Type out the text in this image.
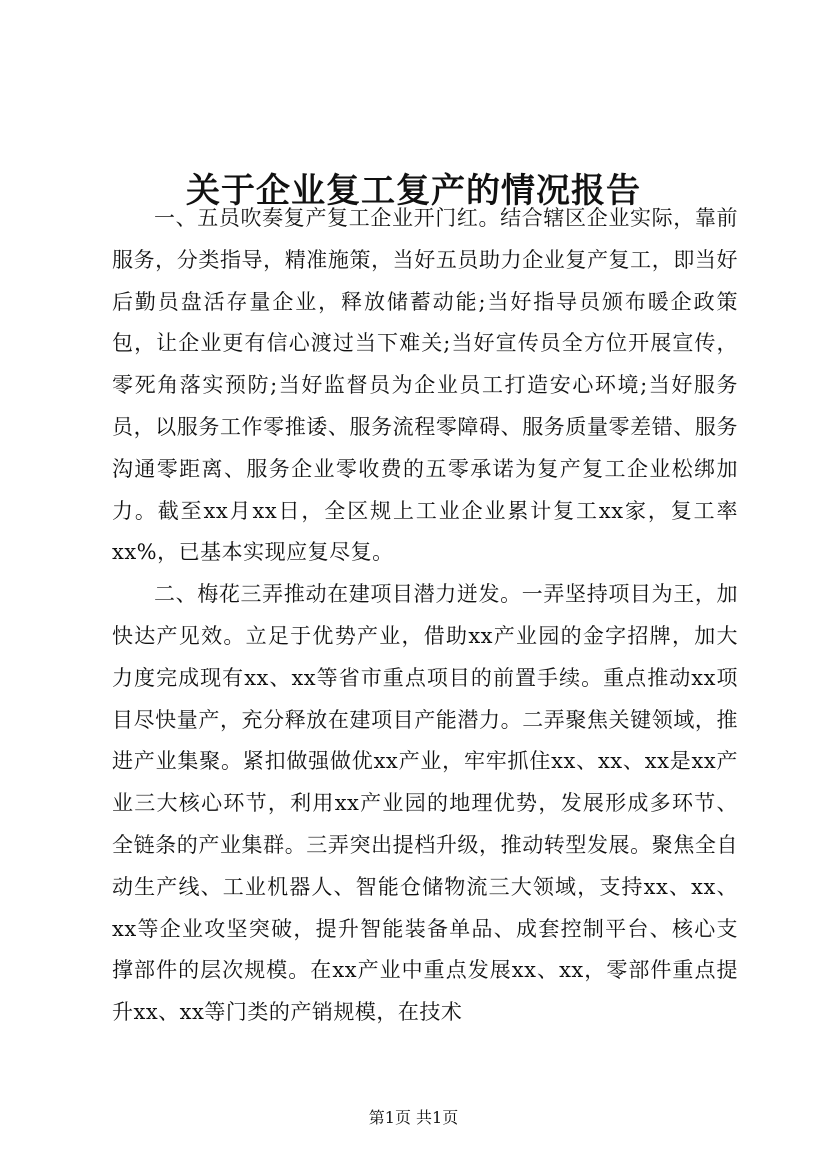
关于企业复工复产的情况报告

一、五员吹奏复产复工企业开门红。结合辖区企业实际，靠前服务，分类指导，精准施策，当好五员助力企业复产复工，即当好后勤员盘活存量企业，释放储蓄动能;当好指导员颁布暖企政策包，让企业更有信心渡过当下难关;当好宣传员全方位开展宣传，零死角落实预防;当好监督员为企业员工打造安心环境;当好服务员，以服务工作零推诿、服务流程零障碍、服务质量零差错、服务沟通零距离、服务企业零收费的五零承诺为复产复工企业松绑加力。截至xx月xx日，全区规上工业企业累计复工xx家，复工率xx%，已基本实现应复尽复。

二、梅花三弄推动在建项目潜力迸发。一弄坚持项目为王，加快达产见效。立足于优势产业，借助xx产业园的金字招牌，加大力度完成现有xx、xx等省市重点项目的前置手续。重点推动xx项目尽快量产，充分释放在建项目产能潜力。二弄聚焦关键领域，推进产业集聚。紧扣做强做优xx产业，牢牢抓住xx、xx、xx是xx产业三大核心环节，利用xx产业园的地理优势，发展形成多环节、全链条的产业集群。三弄突出提档升级，推动转型发展。聚焦全自动生产线、工业机器人、智能仓储物流三大领域，支持xx、xx、xx等企业攻坚突破，提升智能装备单品、成套控制平台、核心支撑部件的层次规模。在xx产业中重点发展xx、xx，零部件重点提升xx、xx等门类的产销规模，在技术

第1页 共1页
